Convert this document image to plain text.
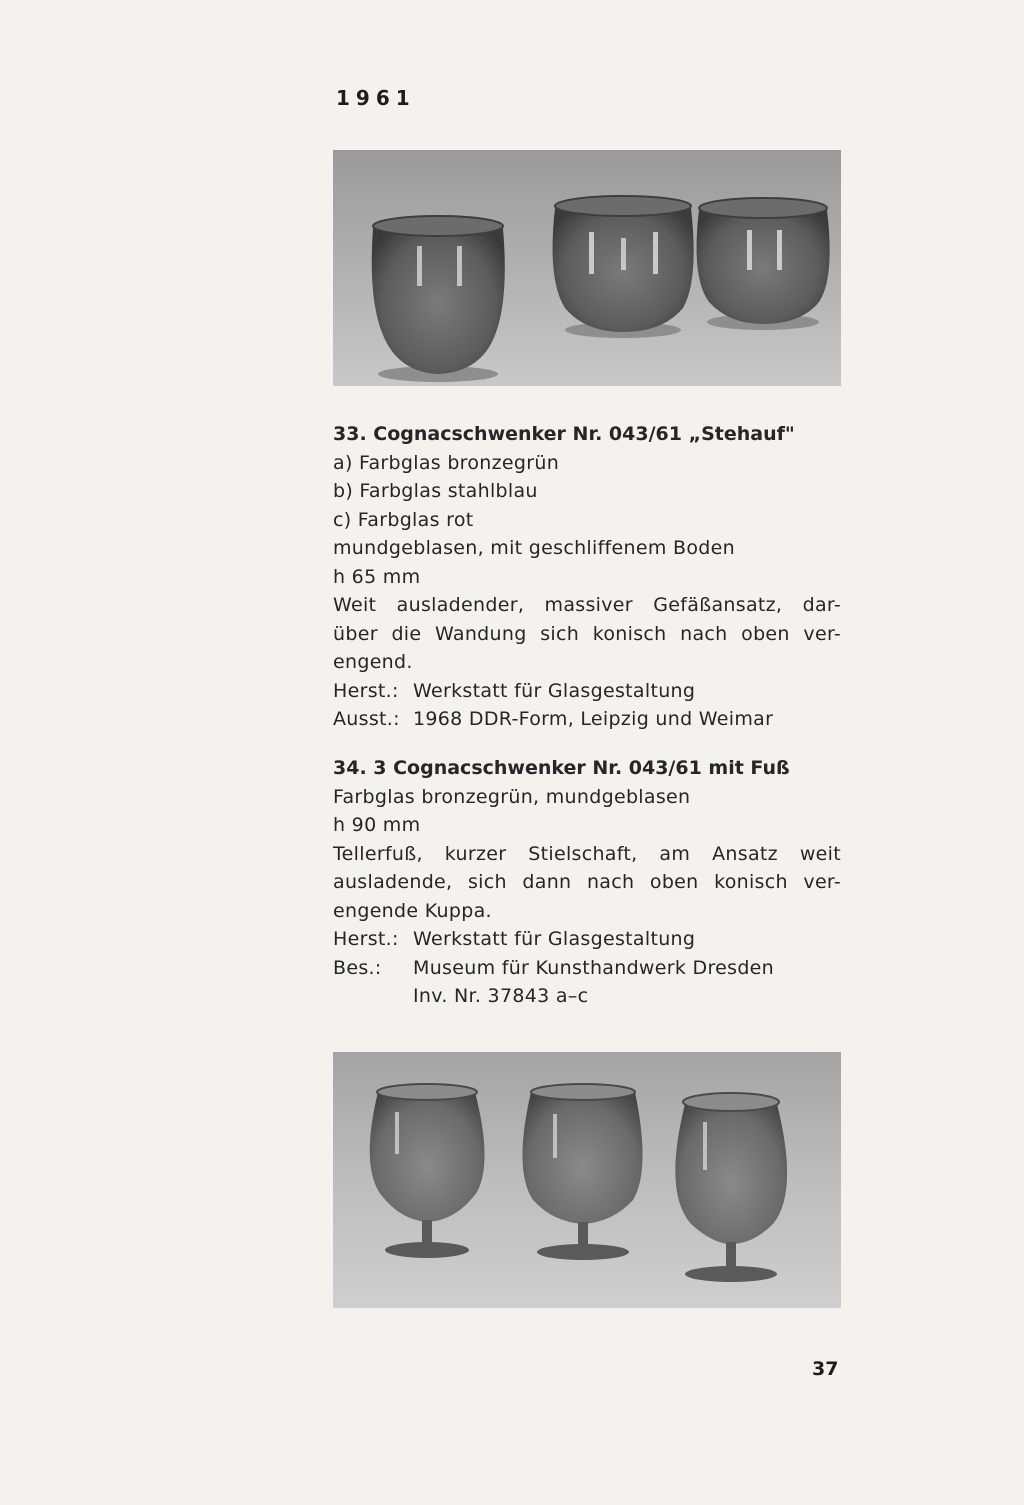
1961
33. Cognacschwenker Nr. 043/61 „Stehauf"
a) Farbglas bronzegrün
b) Farbglas stahlblau
c) Farbglas rot
mundgeblasen, mit geschliffenem Boden
h 65 mm
Weit ausladender, massiver Gefäßansatz, dar-
über die Wandung sich konisch nach oben ver-
engend.
Herst.: Werkstatt für Glasgestaltung
Ausst.: 1968 DDR-Form, Leipzig und Weimar
34. 3 Cognacschwenker Nr. 043/61 mit Fuß
Farbglas bronzegrün, mundgeblasen
h 90 mm
Tellerfuß, kurzer Stielschaft, am Ansatz weit
ausladende, sich dann nach oben konisch ver-
engende Kuppa.
Herst.: Werkstatt für Glasgestaltung
Bes.:	Museum für Kunsthandwerk Dresden
Inv. Nr. 37843 a–c
37
